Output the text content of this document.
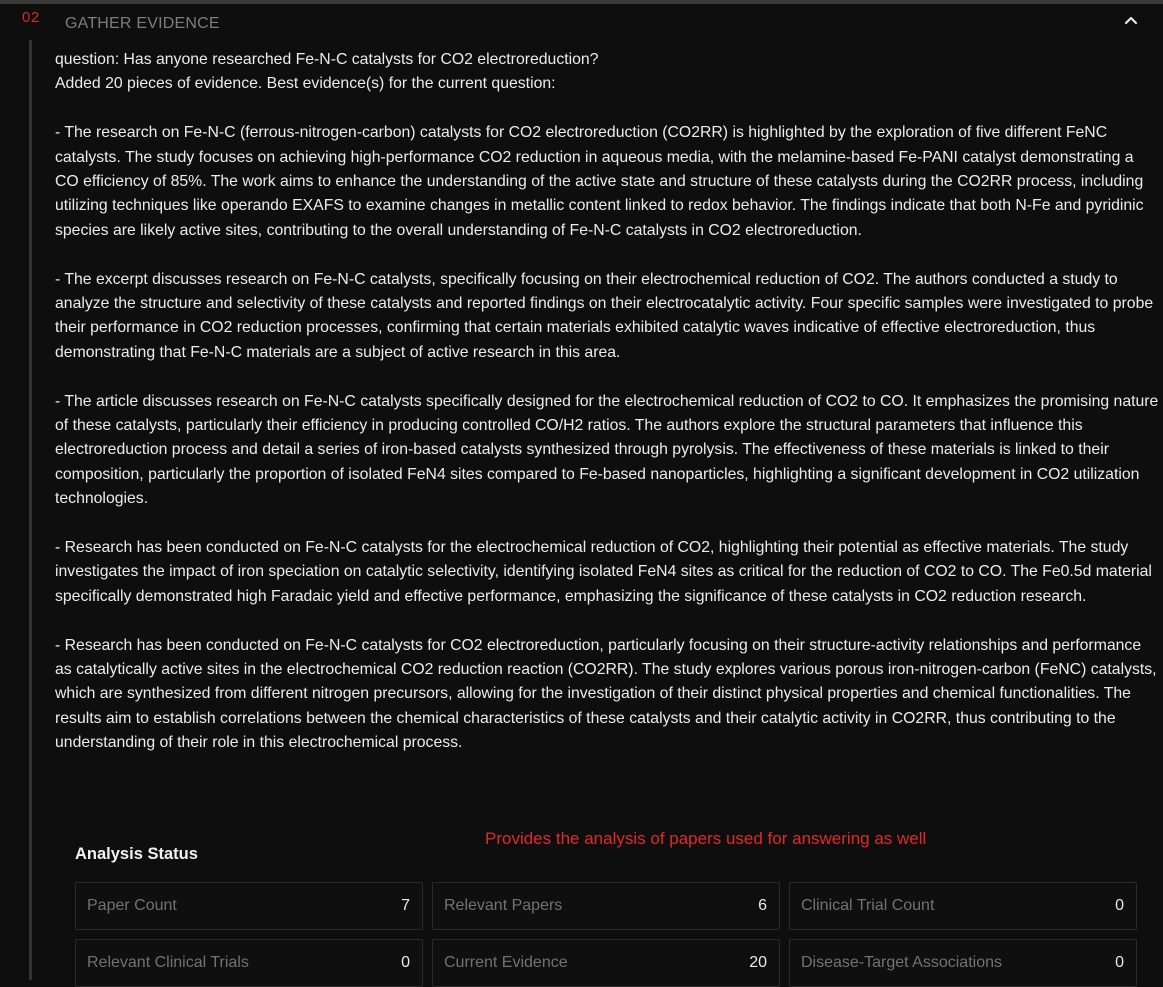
02 GATHER EVIDENCE

question: Has anyone researched Fe-N-C catalysts for CO2 electroreduction?

Added 20 pieces of evidence. Best evidence(s) for the current question:

- The research on Fe-N-C (ferrous-nitrogen-carbon) catalysts for CO2 electroreduction (CO2RR) is highlighted by the exploration of five different FeNC catalysts. The study focuses on achieving high-performance CO2 reduction in aqueous media, with the melamine-based Fe-PANI catalyst demonstrating a CO efficiency of 85%. The work aims to enhance the understanding of the active state and structure of these catalysts during the CO2RR process, including utilizing techniques like operando EXAFS to examine changes in metallic content linked to redox behavior. The findings indicate that both N-Fe and pyridinic species are likely active sites, contributing to the overall understanding of Fe-N-C catalysts in CO2 electroreduction.

- The excerpt discusses research on Fe-N-C catalysts, specifically focusing on their electrochemical reduction of CO2. The authors conducted a study to analyze the structure and selectivity of these catalysts and reported findings on their electrocatalytic activity. Four specific samples were investigated to probe their performance in CO2 reduction processes, confirming that certain materials exhibited catalytic waves indicative of effective electroreduction, thus demonstrating that Fe-N-C materials are a subject of active research in this area.

- The article discusses research on Fe-N-C catalysts specifically designed for the electrochemical reduction of CO2 to CO. It emphasizes the promising nature of these catalysts, particularly their efficiency in producing controlled CO/H2 ratios. The authors explore the structural parameters that influence this electroreduction process and detail a series of iron-based catalysts synthesized through pyrolysis. The effectiveness of these materials is linked to their composition, particularly the proportion of isolated FeN4 sites compared to Fe-based nanoparticles, highlighting a significant development in CO2 utilization technologies.

- Research has been conducted on Fe-N-C catalysts for the electrochemical reduction of CO2, highlighting their potential as effective materials. The study investigates the impact of iron speciation on catalytic selectivity, identifying isolated FeN4 sites as critical for the reduction of CO2 to CO. The Fe0.5d material specifically demonstrated high Faradaic yield and effective performance, emphasizing the significance of these catalysts in CO2 reduction research.

- Research has been conducted on Fe-N-C catalysts for CO2 electroreduction, particularly focusing on their structure-activity relationships and performance as catalytically active sites in the electrochemical CO2 reduction reaction (CO2RR). The study explores various porous iron-nitrogen-carbon (FeNC) catalysts, which are synthesized from different nitrogen precursors, allowing for the investigation of their distinct physical properties and chemical functionalities. The results aim to establish correlations between the chemical characteristics of these catalysts and their catalytic activity in CO2RR, thus contributing to the understanding of their role in this electrochemical process.

Provides the analysis of papers used for answering as well
Analysis Status
Paper Count	7 Relevant Papers	6 Clinical Trial Count	0
Relevant Clinical Trials	0 Current Evidence	20 Disease-Target Associations	0
